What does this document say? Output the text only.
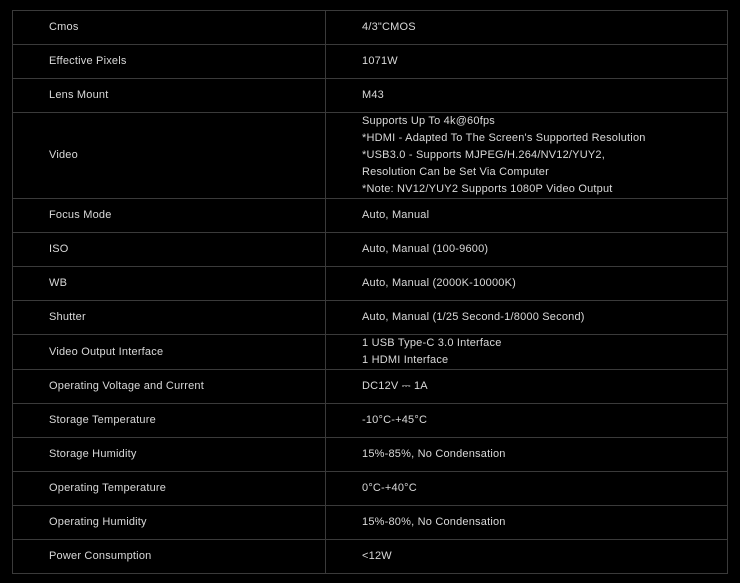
Cmos	4/3"CMOS

Effective Pixels	1071W

Lens Mount	M43

Video	Supports Up To 4k@60fps
*HDMI - Adapted To The Screen's Supported Resolution
*USB3.0 - Supports MJPEG/H.264/NV12/YUY2,
Resolution Can be Set Via Computer
*Note: NV12/YUY2 Supports 1080P Video Output

Focus Mode	Auto, Manual

ISO	Auto, Manual (100-9600)

WB	Auto, Manual (2000K-10000K)

Shutter	Auto, Manual (1/25 Second-1/8000 Second)

Video Output Interface	1 USB Type-C 3.0 Interface
1 HDMI Interface

Operating Voltage and Current	DC12V ⎓ 1A

Storage Temperature	-10°C-+45°C

Storage Humidity	15%-85%, No Condensation

Operating Temperature	0°C-+40°C

Operating Humidity	15%-80%, No Condensation

Power Consumption	<12W
